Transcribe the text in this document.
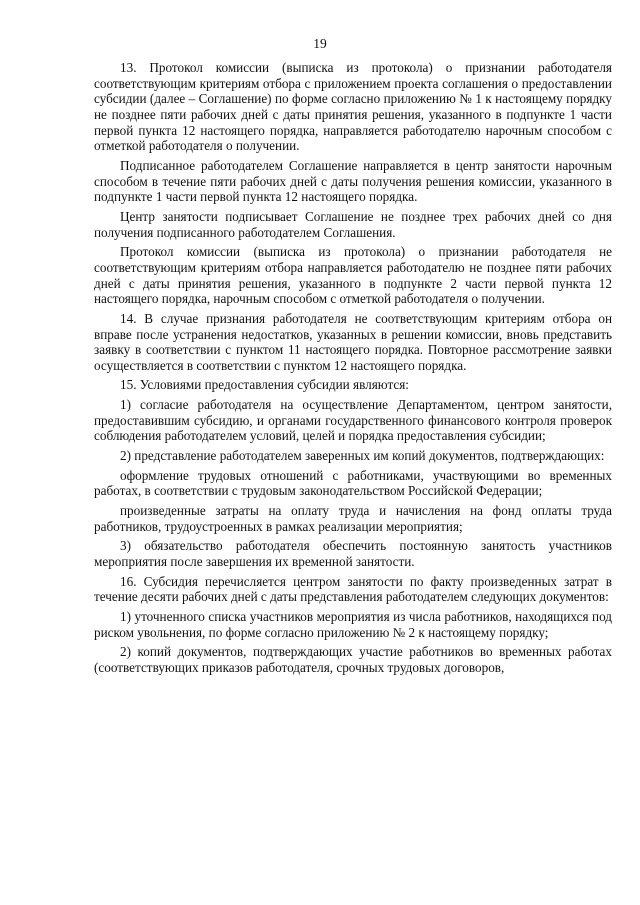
19

13. Протокол комиссии (выписка из протокола) о признании работодателя соответствующим критериям отбора с приложением проекта соглашения о предоставлении субсидии (далее – Соглашение) по форме согласно приложению № 1 к настоящему порядку не позднее пяти рабочих дней с даты принятия решения, указанного в подпункте 1 части первой пункта 12 настоящего порядка, направляется работодателю нарочным способом с отметкой работодателя о получении.

Подписанное работодателем Соглашение направляется в центр занятости нарочным способом в течение пяти рабочих дней с даты получения решения комиссии, указанного в подпункте 1 части первой пункта 12 настоящего порядка.

Центр занятости подписывает Соглашение не позднее трех рабочих дней со дня получения подписанного работодателем Соглашения.

Протокол комиссии (выписка из протокола) о признании работодателя не соответствующим критериям отбора направляется работодателю не позднее пяти рабочих дней с даты принятия решения, указанного в подпункте 2 части первой пункта 12 настоящего порядка, нарочным способом с отметкой работодателя о получении.

14. В случае признания работодателя не соответствующим критериям отбора он вправе после устранения недостатков, указанных в решении комиссии, вновь представить заявку в соответствии с пунктом 11 настоящего порядка. Повторное рассмотрение заявки осуществляется в соответствии с пунктом 12 настоящего порядка.

15. Условиями предоставления субсидии являются:

1) согласие работодателя на осуществление Департаментом, центром занятости, предоставившим субсидию, и органами государственного финансового контроля проверок соблюдения работодателем условий, целей и порядка предоставления субсидии;

2) представление работодателем заверенных им копий документов, подтверждающих:

оформление трудовых отношений с работниками, участвующими во временных работах, в соответствии с трудовым законодательством Российской Федерации;

произведенные затраты на оплату труда и начисления на фонд оплаты труда работников, трудоустроенных в рамках реализации мероприятия;

3) обязательство работодателя обеспечить постоянную занятость участников мероприятия после завершения их временной занятости.

16. Субсидия перечисляется центром занятости по факту произведенных затрат в течение десяти рабочих дней с даты представления работодателем следующих документов:

1) уточненного списка участников мероприятия из числа работников, находящихся под риском увольнения, по форме согласно приложению № 2 к настоящему порядку;

2) копий документов, подтверждающих участие работников во временных работах (соответствующих приказов работодателя, срочных трудовых договоров,
